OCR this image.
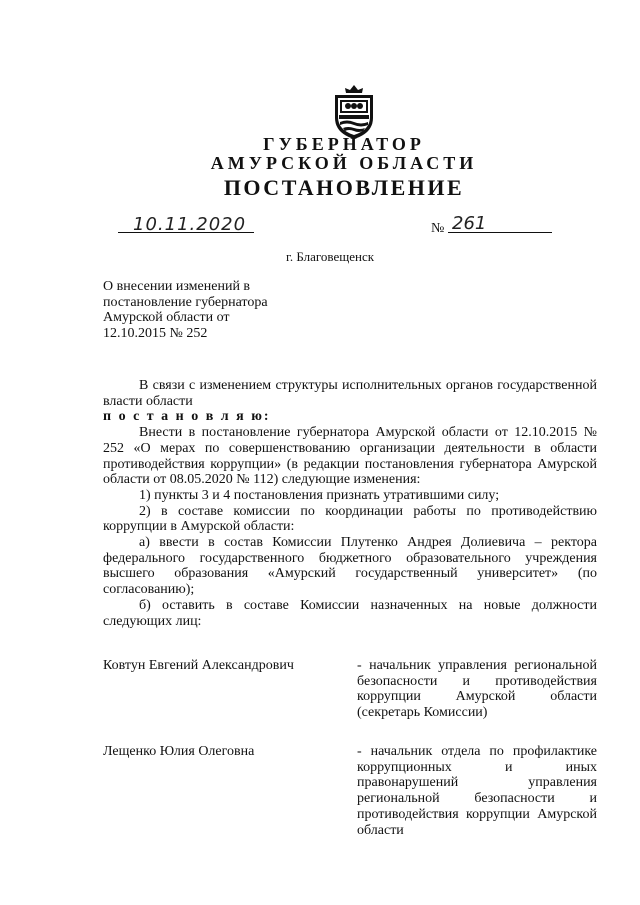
ГУБЕРНАТОР
АМУРСКОЙ ОБЛАСТИ
ПОСТАНОВЛЕНИЕ
10.11.2020	№ 261
г. Благовещенск
О внесении изменений в
постановление губернатора
Амурской области от
12.10.2015 № 252
В связи с изменением структуры исполнительных органов государственной власти области
п о с т а н о в л я ю:
Внести в постановление губернатора Амурской области от 12.10.2015 № 252 «О мерах по совершенствованию организации деятельности в области противодействия коррупции» (в редакции постановления губернатора Амурской области от 08.05.2020 № 112) следующие изменения:
1) пункты 3 и 4 постановления признать утратившими силу;
2) в составе комиссии по координации работы по противодействию коррупции в Амурской области:
а) ввести в состав Комиссии Плутенко Андрея Долиевича – ректора федерального государственного бюджетного образовательного учреждения высшего образования «Амурский государственный университет» (по согласованию);
б) оставить в составе Комиссии назначенных на новые должности следующих лиц:
Ковтун Евгений Александрович	- начальник управления региональной безопасности и противодействия коррупции Амурской области (секретарь Комиссии)
Лещенко Юлия Олеговна	- начальник отдела по профилактике коррупционных и иных правонарушений управления региональной безопасности и противодействия коррупции Амурской области
